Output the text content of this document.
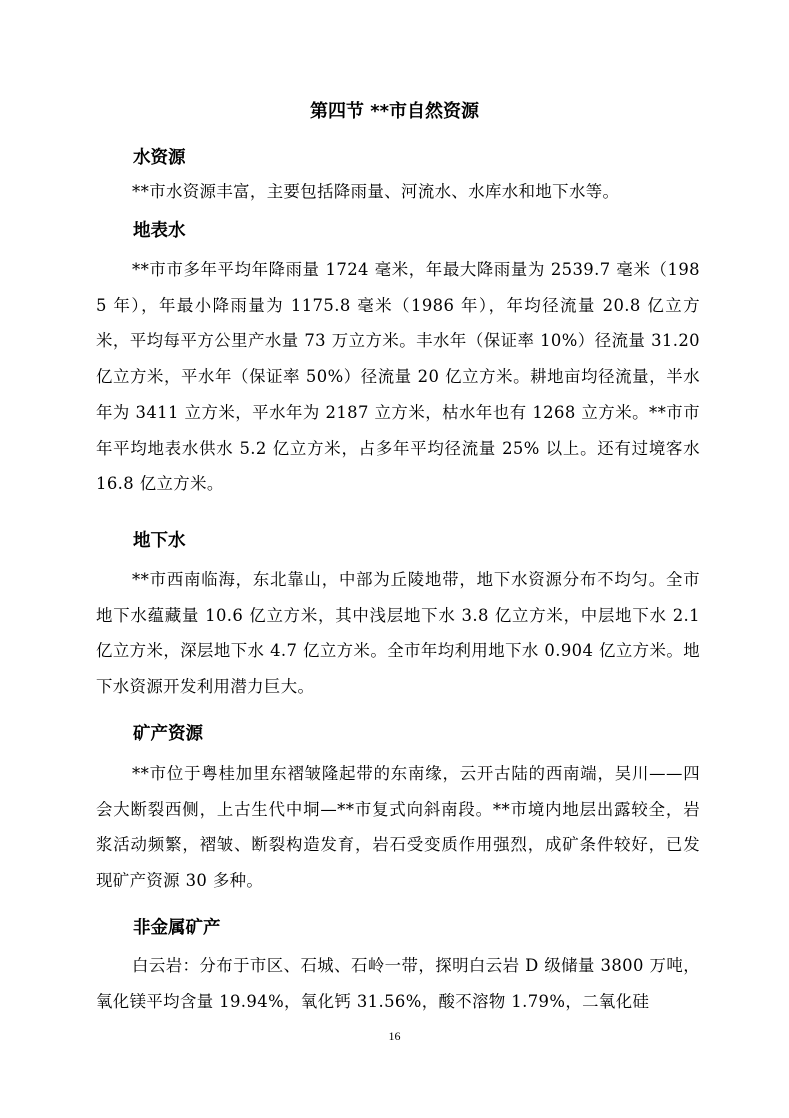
第四节 **市自然资源
水资源

**市水资源丰富，主要包括降雨量、河流水、水库水和地下水等。

地表水

**市市多年平均年降雨量 1724 毫米，年最大降雨量为 2539.7 毫米（1985 年），年最小降雨量为 1175.8 毫米（1986 年），年均径流量 20.8 亿立方米，平均每平方公里产水量 73 万立方米。丰水年（保证率 10%）径流量 31.20 亿立方米，平水年（保证率 50%）径流量 20 亿立方米。耕地亩均径流量，半水年为 3411 立方米，平水年为 2187 立方米，枯水年也有 1268 立方米。**市市年平均地表水供水 5.2 亿立方米，占多年平均径流量 25% 以上。还有过境客水 16.8 亿立方米。

地下水

**市西南临海，东北靠山，中部为丘陵地带，地下水资源分布不均匀。全市地下水蕴藏量 10.6 亿立方米，其中浅层地下水 3.8 亿立方米，中层地下水 2.1 亿立方米，深层地下水 4.7 亿立方米。全市年均利用地下水 0.904 亿立方米。地下水资源开发利用潜力巨大。

矿产资源

**市位于粤桂加里东褶皱隆起带的东南缘，云开古陆的西南端，吴川——四会大断裂西侧，上古生代中垌—**市复式向斜南段。**市境内地层出露较全，岩浆活动频繁，褶皱、断裂构造发育，岩石受变质作用强烈，成矿条件较好，已发现矿产资源 30 多种。

非金属矿产

白云岩：分布于市区、石城、石岭一带，探明白云岩 D 级储量 3800 万吨，氧化镁平均含量 19.94%，氧化钙 31.56%，酸不溶物 1.79%，二氧化硅

16
